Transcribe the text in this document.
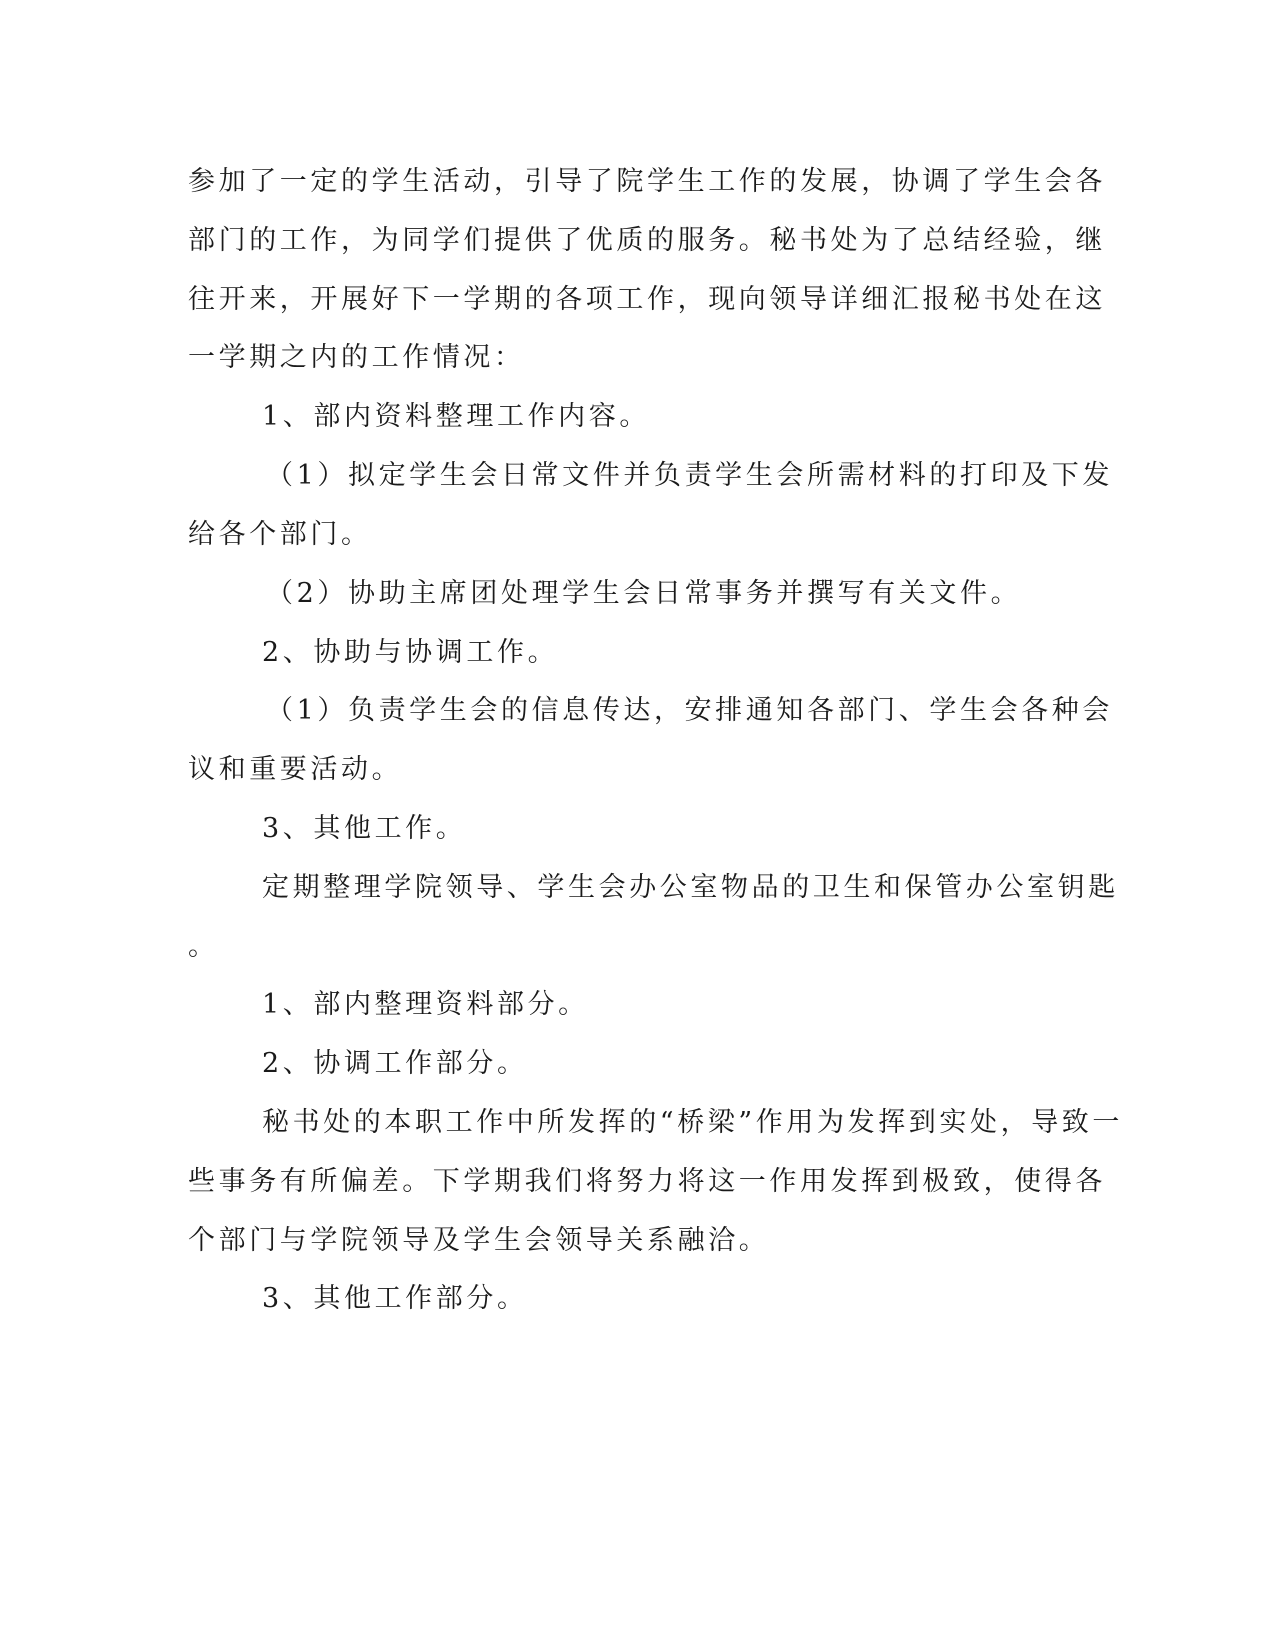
参加了一定的学生活动，引导了院学生工作的发展，协调了学生会各
部门的工作，为同学们提供了优质的服务。秘书处为了总结经验，继
往开来，开展好下一学期的各项工作，现向领导详细汇报秘书处在这
一学期之内的工作情况：
1、部内资料整理工作内容。
（1）拟定学生会日常文件并负责学生会所需材料的打印及下发
给各个部门。
（2）协助主席团处理学生会日常事务并撰写有关文件。
2、协助与协调工作。
（1）负责学生会的信息传达，安排通知各部门、学生会各种会
议和重要活动。
3、其他工作。
定期整理学院领导、学生会办公室物品的卫生和保管办公室钥匙
。
1、部内整理资料部分。
2、协调工作部分。
秘书处的本职工作中所发挥的“桥梁”作用为发挥到实处，导致一
些事务有所偏差。下学期我们将努力将这一作用发挥到极致，使得各
个部门与学院领导及学生会领导关系融洽。
3、其他工作部分。
